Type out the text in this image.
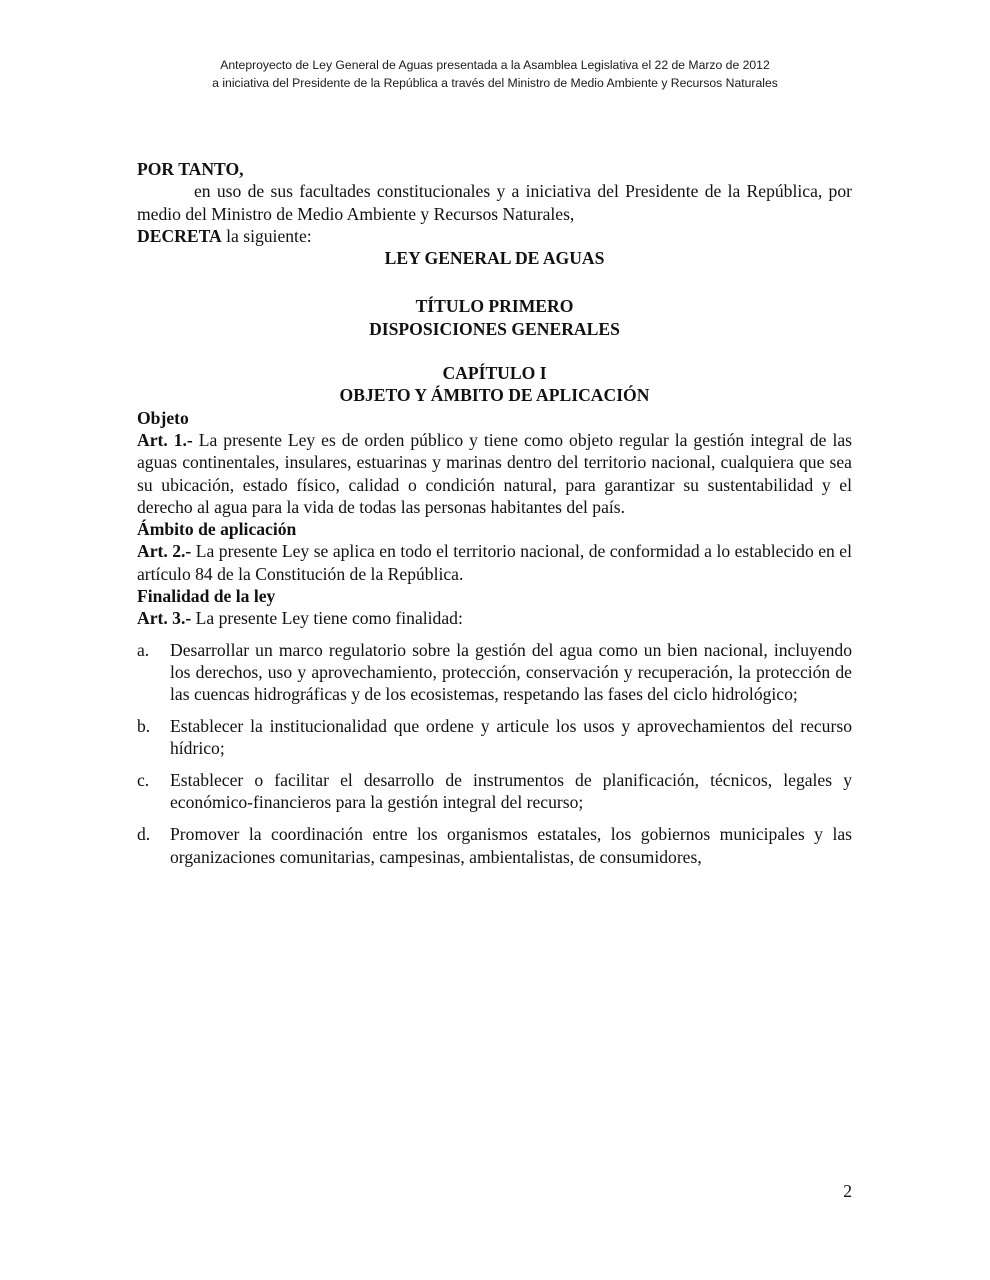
Anteproyecto de Ley General de Aguas presentada a la Asamblea Legislativa el 22 de Marzo de 2012
a iniciativa del Presidente de la República a través del Ministro de Medio Ambiente y Recursos Naturales

POR TANTO,

en uso de sus facultades constitucionales y a iniciativa del Presidente de la República, por medio del Ministro de Medio Ambiente y Recursos Naturales,

DECRETA la siguiente:

LEY GENERAL DE AGUAS

TÍTULO PRIMERO

DISPOSICIONES GENERALES

CAPÍTULO I

OBJETO Y ÁMBITO DE APLICACIÓN

Objeto

Art. 1.- La presente Ley es de orden público y tiene como objeto regular la gestión integral de las aguas continentales, insulares, estuarinas y marinas dentro del territorio nacional, cualquiera que sea su ubicación, estado físico, calidad o condición natural, para garantizar su sustentabilidad y el derecho al agua para la vida de todas las personas habitantes del país.

Ámbito de aplicación

Art. 2.- La presente Ley se aplica en todo el territorio nacional, de conformidad a lo establecido en el artículo 84 de la Constitución de la República.

Finalidad de la ley

Art. 3.- La presente Ley tiene como finalidad:

a. Desarrollar un marco regulatorio sobre la gestión del agua como un bien nacional, incluyendo los derechos, uso y aprovechamiento, protección, conservación y recuperación, la protección de las cuencas hidrográficas y de los ecosistemas, respetando las fases del ciclo hidrológico;
b. Establecer la institucionalidad que ordene y articule los usos y aprovechamientos del recurso hídrico;
c. Establecer o facilitar el desarrollo de instrumentos de planificación, técnicos, legales y económico-financieros para la gestión integral del recurso;
d. Promover la coordinación entre los organismos estatales, los gobiernos municipales y las organizaciones comunitarias, campesinas, ambientalistas, de consumidores,
2
